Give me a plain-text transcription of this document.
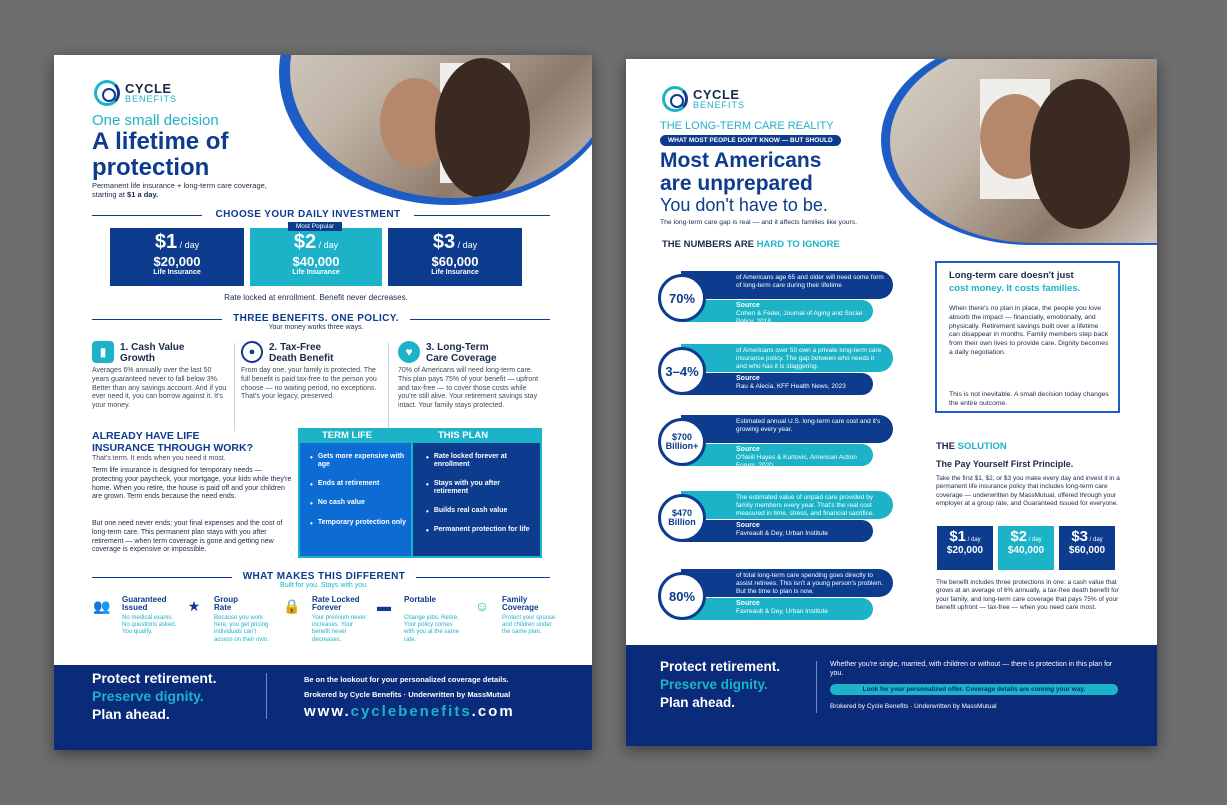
CYCLE
BENEFITS
One small decision
A lifetime of
protection
Permanent life insurance + long-term care coverage,
starting at $1 a day.
CHOOSE YOUR DAILY INVESTMENT
$1 / day
$20,000
Life Insurance
Most Popular
$2 / day
$40,000
Life Insurance
$3 / day
$60,000
Life Insurance
Rate locked at enrollment. Benefit never decreases.
THREE BENEFITS. ONE POLICY.
Your money works three ways.
▮	1. Cash Value
Growth
Averages 6% annually over the last 50 years guaranteed never to fall below 3%. Better than any savings account. And if you ever need it, you can borrow against it. It's your money.
●	2. Tax-Free
Death Benefit
From day one, your family is protected. The full benefit is paid tax-free to the person you choose — no waiting period, no exceptions. That's your legacy, preserved.
♥	3. Long-Term
Care Coverage
70% of Americans will need long-term care. This plan pays 75% of your benefit — upfront and tax-free — to cover those costs while you're still alive. Your retirement savings stay intact. Your family stays protected.
ALREADY HAVE LIFE
INSURANCE THROUGH WORK?
That's term. It ends when you need it most.
Term life insurance is designed for temporary needs — protecting your paycheck, your mortgage, your kids while they're home. When you retire, the house is paid off and your children are grown. Term ends because the need ends.
But one need never ends: your final expenses and the cost of long-term care. This permanent plan stays with you after retirement — when term coverage is gone and getting new coverage is expensive or impossible.
TERM LIFE	THIS PLAN
• Gets more expensive with age
• Ends at retirement
• No cash value
• Temporary protection only
• Rate locked forever at enrollment
• Stays with you after retirement
• Builds real cash value
• Permanent protection for life
WHAT MAKES THIS DIFFERENT
Built for you. Stays with you.
👥 Guaranteed
Issued
No medical exams. No questions asked. You qualify.
★	Group
Rate
Because you work here, you get pricing individuals can't access on their own.
🔒 Rate Locked
Forever
Your premium never increases. Your benefit never decreases.
▬	Portable
Change jobs. Retire. Your policy comes with you at the same rate.
☺	Family
Coverage
Protect your spouse and children under the same plan.
Protect retirement.
Preserve dignity.
Plan ahead.
Be on the lookout for your personalized coverage details.
Brokered by Cycle Benefits · Underwritten by MassMutual
www.cyclebenefits.com
CYCLE
BENEFITS
THE LONG-TERM CARE REALITY
WHAT MOST PEOPLE DON'T KNOW — BUT SHOULD
Most Americans
are unprepared
You don't have to be.
The long-term care gap is real — and it affects families like yours.
THE NUMBERS ARE HARD TO IGNORE
of Americans age 65 and older will need some form of long-term care during their lifetime
Source
Cohen & Feder, Journal of Aging and Social Policy, 2018
70%
of Americans over 50 own a private long-term care insurance policy. The gap between who needs it and who has it is staggering.
Source
Rau & Alecia, KFF Health News, 2023
3–4%
Estimated annual U.S. long-term care cost and it's growing every year.
Source
O'Neill Hayes & Kurtovic, American Action Forum, 2020
$700 Billion+
The estimated value of unpaid care provided by family members every year. That's the real cost measured in time, stress, and financial sacrifice.
Source
Favreault & Dey, Urban Institute
$470 Billion
of total long-term care spending goes directly to assist retirees. This isn't a young person's problem. But the time to plan is now.
Source
Favreault & Dey, Urban Institute
80%
Long-term care doesn't just
cost money. It costs families.
When there's no plan in place, the people you love absorb the impact — financially, emotionally, and physically. Retirement savings built over a lifetime can disappear in months. Family members step back from their own lives to provide care. Dignity becomes a daily negotiation.
This is not inevitable. A small decision today changes the entire outcome.
THE SOLUTION
The Pay Yourself First Principle.
Take the first $1, $2, or $3 you make every day and invest it in a permanent life insurance policy that includes long-term care coverage — underwritten by MassMutual, offered through your employer at a group rate, and Guaranteed Issued for everyone.
$1 / day
$20,000
$2 / day
$40,000
$3 / day
$60,000
The benefit includes three protections in one: a cash value that grows at an average of 6% annually, a tax-free death benefit for your family, and long-term care coverage that pays 75% of your benefit upfront — tax-free — when you need care most.
Protect retirement.
Preserve dignity.
Plan ahead.
Whether you're single, married, with children or without — there is protection in this plan for you.
Look for your personalized offer. Coverage details are coming your way.
Brokered by Cycle Benefits · Underwritten by MassMutual
